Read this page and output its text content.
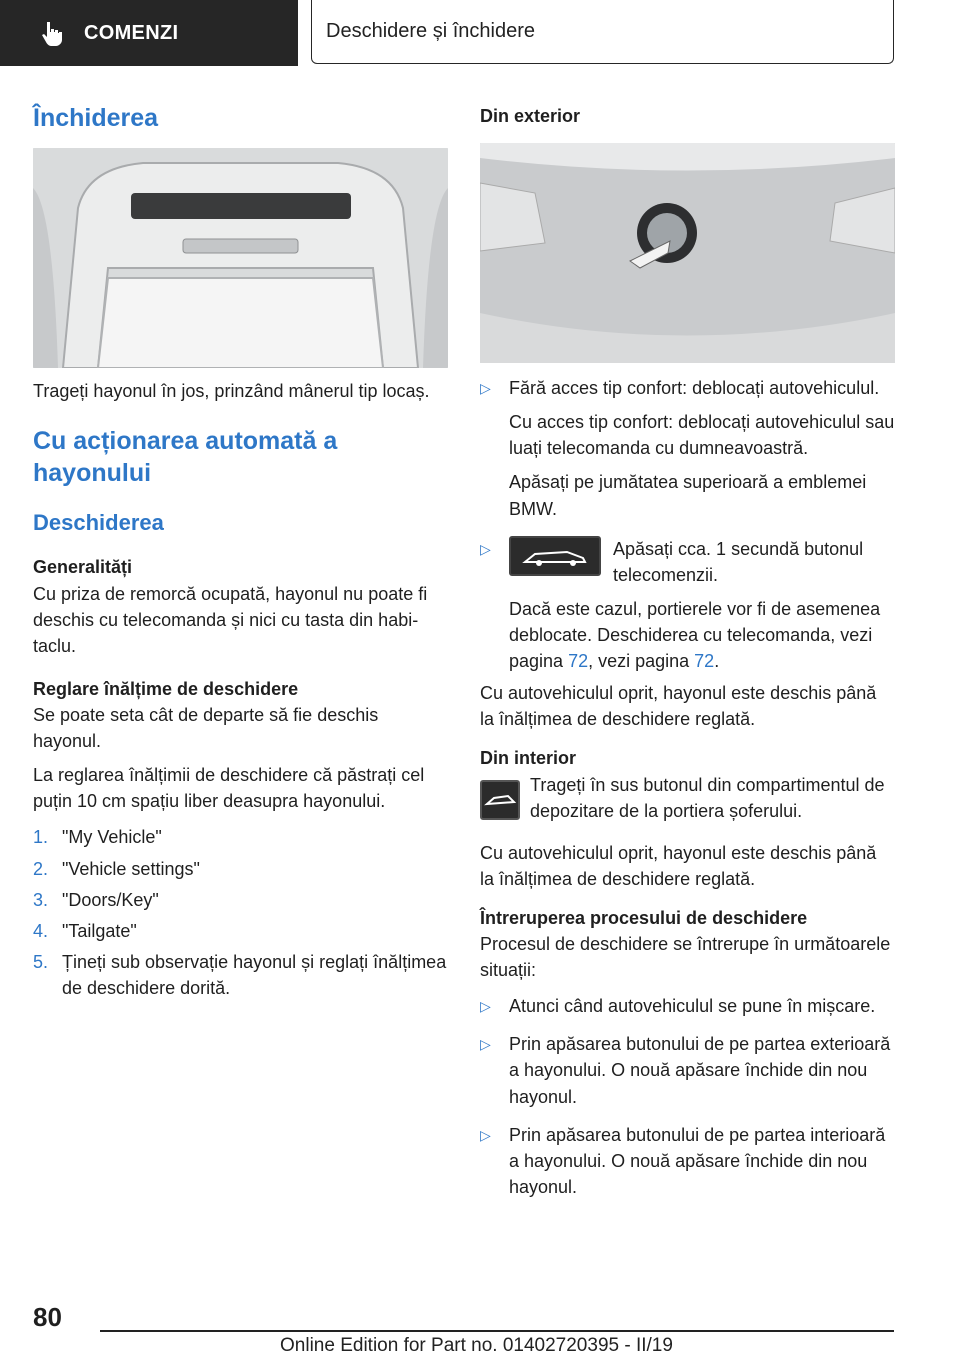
COMENZI	Deschidere și închidere
Închiderea

Trageți hayonul în jos, prinzând mânerul tip locaș.

Cu acționarea automată a hayonului
Deschiderea
Generalități

Cu priza de remorcă ocupată, hayonul nu poate fi deschis cu telecomanda și nici cu tasta din habitaclu.

Reglare înălțime de deschidere

Se poate seta cât de departe să fie deschis hayonul.

La reglarea înălțimii de deschidere că păstrați cel puțin 10 cm spațiu liber deasupra hayonului.

1. "My Vehicle"
2. "Vehicle settings"
3. "Doors/Key"
4. "Tailgate"
5. Țineți sub observație hayonul și reglați înălțimea de deschidere dorită.
Din exterior
▷	Fără acces tip confort: deblocați autovehiculul.

Cu acces tip confort: deblocați autovehiculul sau luați telecomanda cu dumneavoastră.

Apăsați pe jumătatea superioară a emblemei BMW.

▷	Apăsați cca. 1 secundă butonul telecomenzii.

Dacă este cazul, portierele vor fi de asemenea deblocate. Deschiderea cu telecomanda, vezi pagina 72, vezi pagina 72.

Cu autovehiculul oprit, hayonul este deschis până la înălțimea de deschidere reglată.

Din interior

Trageți în sus butonul din compartimentul de depozitare de la portiera șoferului.

Cu autovehiculul oprit, hayonul este deschis până la înălțimea de deschidere reglată.

Întreruperea procesului de deschidere

Procesul de deschidere se întrerupe în următoarele situații:

▷	Atunci când autovehiculul se pune în mișcare.

▷	Prin apăsarea butonului de pe partea exterioară a hayonului. O nouă apăsare închide din nou hayonul.

▷	Prin apăsarea butonului de pe partea interioară a hayonului. O nouă apăsare închide din nou hayonul.

80
Online Edition for Part no. 01402720395 - II/19
